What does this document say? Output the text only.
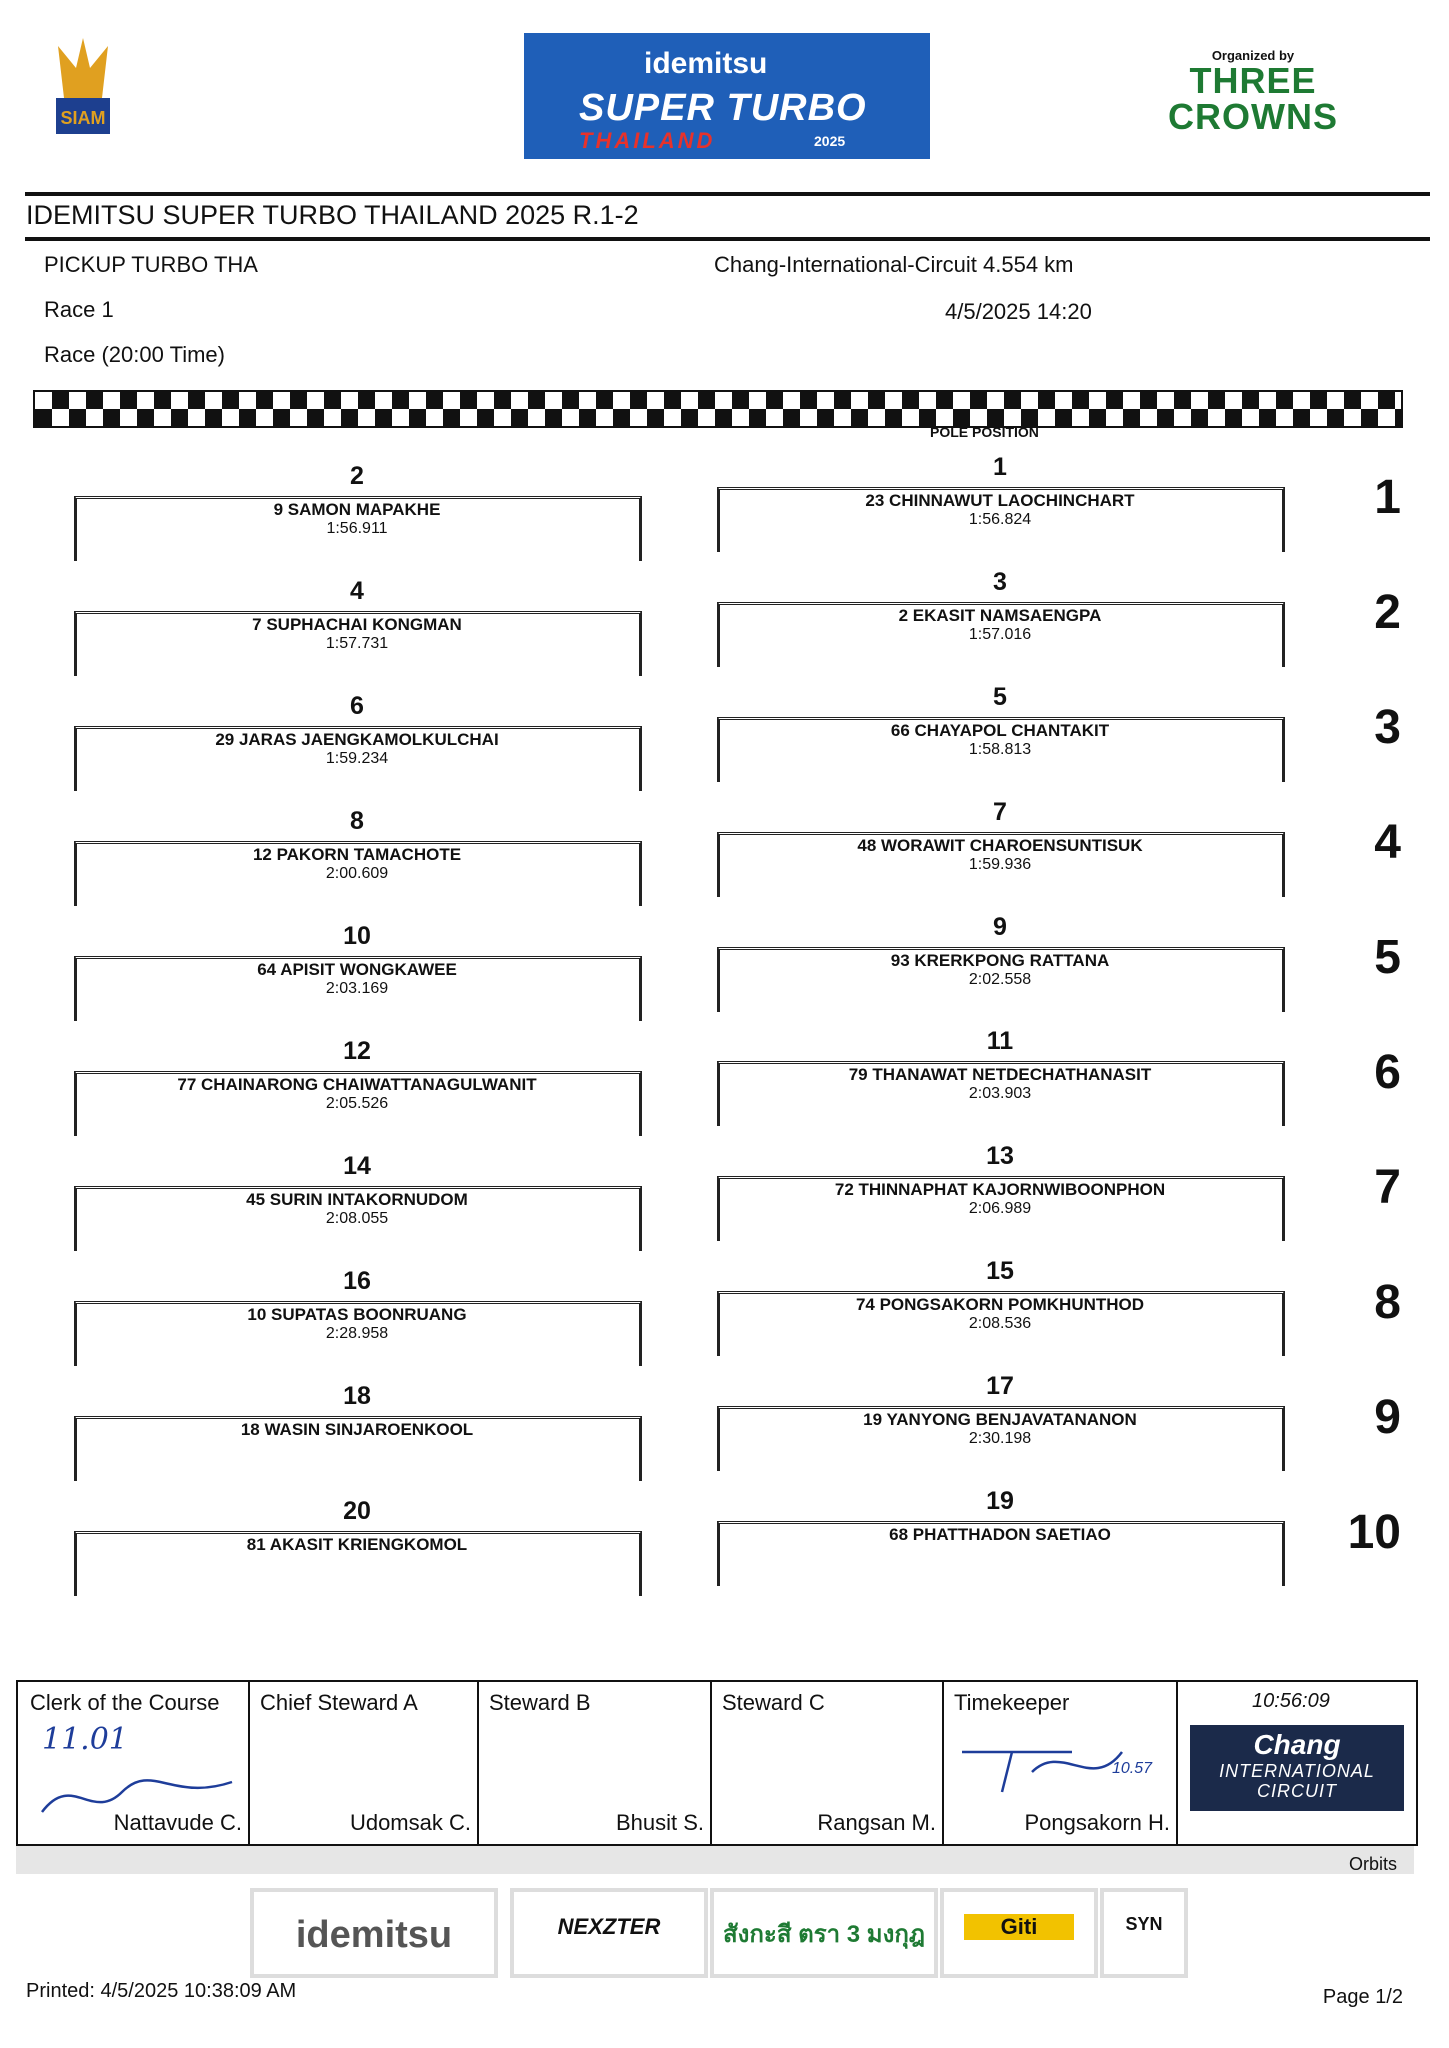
SIAM
idemitsu
SUPER TURBO
THAILAND	2025
Organized by
THREE CROWNS
IDEMITSU SUPER TURBO THAILAND 2025 R.1-2
PICKUP TURBO THA
Race 1
Race (20:00 Time)
Chang-International-Circuit 4.554 km
4/5/2025 14:20
POLE POSITION
1
23 CHINNAWUT LAOCHINCHART
1:56.824
2
9 SAMON MAPAKHE
1:56.911
1
3
2 EKASIT NAMSAENGPA
1:57.016
4
7 SUPHACHAI KONGMAN
1:57.731
2
5
66 CHAYAPOL CHANTAKIT
1:58.813
6
29 JARAS JAENGKAMOLKULCHAI
1:59.234
3
7
48 WORAWIT CHAROENSUNTISUK
1:59.936
8
12 PAKORN TAMACHOTE
2:00.609
4
9
93 KRERKPONG RATTANA
2:02.558
10
64 APISIT WONGKAWEE
2:03.169
5
11
79 THANAWAT NETDECHATHANASIT
2:03.903
12
77 CHAINARONG CHAIWATTANAGULWANIT
2:05.526
6
13
72 THINNAPHAT KAJORNWIBOONPHON
2:06.989
14
45 SURIN INTAKORNUDOM
2:08.055
7
15
74 PONGSAKORN POMKHUNTHOD
2:08.536
16
10 SUPATAS BOONRUANG
2:28.958
8
17
19 YANYONG BENJAVATANANON
2:30.198
18
18 WASIN SINJAROENKOOL	9
19
68 PHATTHADON SAETIAO
20
81 AKASIT KRIENGKOMOL	10
Clerk of the Course
11.01
Nattavude C.
Chief Steward A
Udomsak C.
Steward B
Bhusit S.
Steward C
Rangsan M.
Timekeeper
10.57
Pongsakorn H.
10:56:09
Chang
INTERNATIONAL
CIRCUIT
Orbits
idemitsu	NEXZTER	สังกะสี ตรา 3 มงกุฎ	Giti	SYN
Printed: 4/5/2025 10:38:09 AM	Page 1/2
